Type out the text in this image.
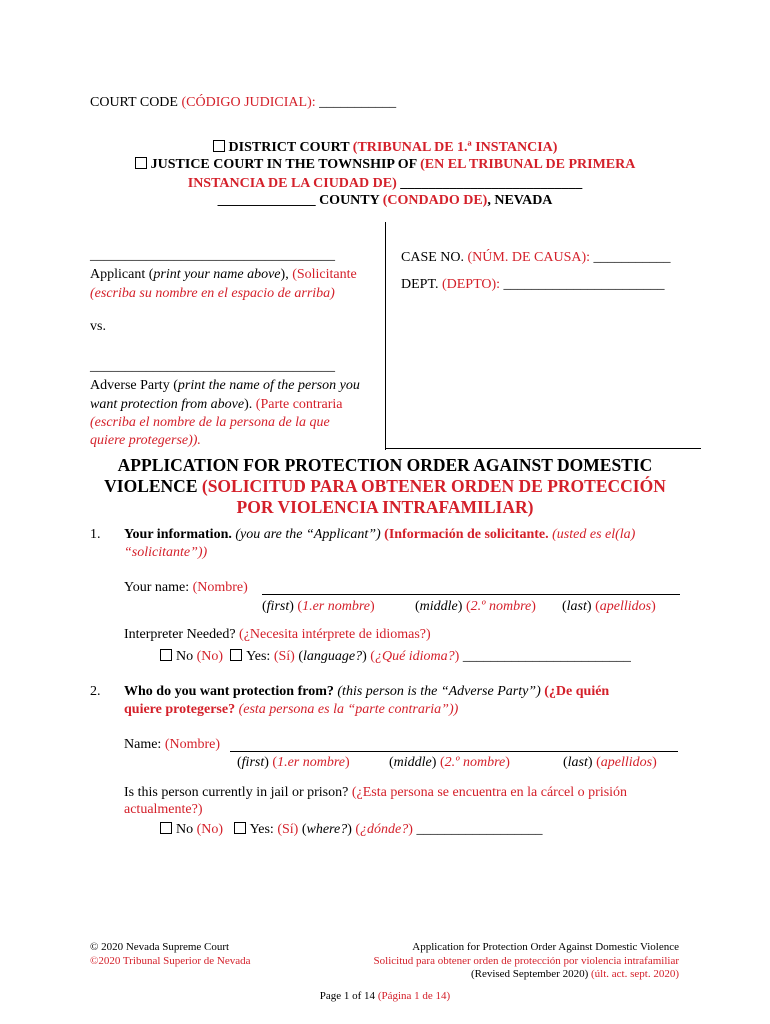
COURT CODE (CÓDIGO JUDICIAL): ___________
DISTRICT COURT (TRIBUNAL DE 1.ª INSTANCIA)
JUSTICE COURT IN THE TOWNSHIP OF (EN EL TRIBUNAL DE PRIMERA
INSTANCIA DE LA CIUDAD DE) __________________________
______________ COUNTY (CONDADO DE), NEVADA
___________________________________
Applicant (print your name above), (Solicitante
(escriba su nombre en el espacio de arriba)
vs.
___________________________________
Adverse Party (print the name of the person you
want protection from above). (Parte contraria
(escriba el nombre de la persona de la que
quiere protegerse)).
CASE NO. (NÚM. DE CAUSA): ___________
DEPT. (DEPTO): _______________________
APPLICATION FOR PROTECTION ORDER AGAINST DOMESTIC
VIOLENCE (SOLICITUD PARA OBTENER ORDEN DE PROTECCIÓN
POR VIOLENCIA INTRAFAMILIAR)
1. Your information. (you are the “Applicant”) (Información de solicitante. (usted es el(la)
“solicitante”))
Your name: (Nombre)
(first) (1.er nombre)	(middle) (2.º nombre) (last) (apellidos)
Interpreter Needed? (¿Necesita intérprete de idiomas?)
No (No) Yes: (Sí) (language?) (¿Qué idioma?) ________________________
2. Who do you want protection from? (this person is the “Adverse Party”) (¿De quién
quiere protegerse? (esta persona es la “parte contraria”))
Name: (Nombre)
(first) (1.er nombre)	(middle) (2.º nombre)	(last) (apellidos)
Is this person currently in jail or prison? (¿Esta persona se encuentra en la cárcel o prisión
actualmente?)
No (No) Yes: (Sí) (where?) (¿dónde?) __________________
© 2020 Nevada Supreme Court
©2020 Tribunal Superior de Nevada
Application for Protection Order Against Domestic Violence
Solicitud para obtener orden de protección por violencia intrafamiliar
(Revised September 2020) (últ. act. sept. 2020)
Page 1 of 14 (Página 1 de 14)
